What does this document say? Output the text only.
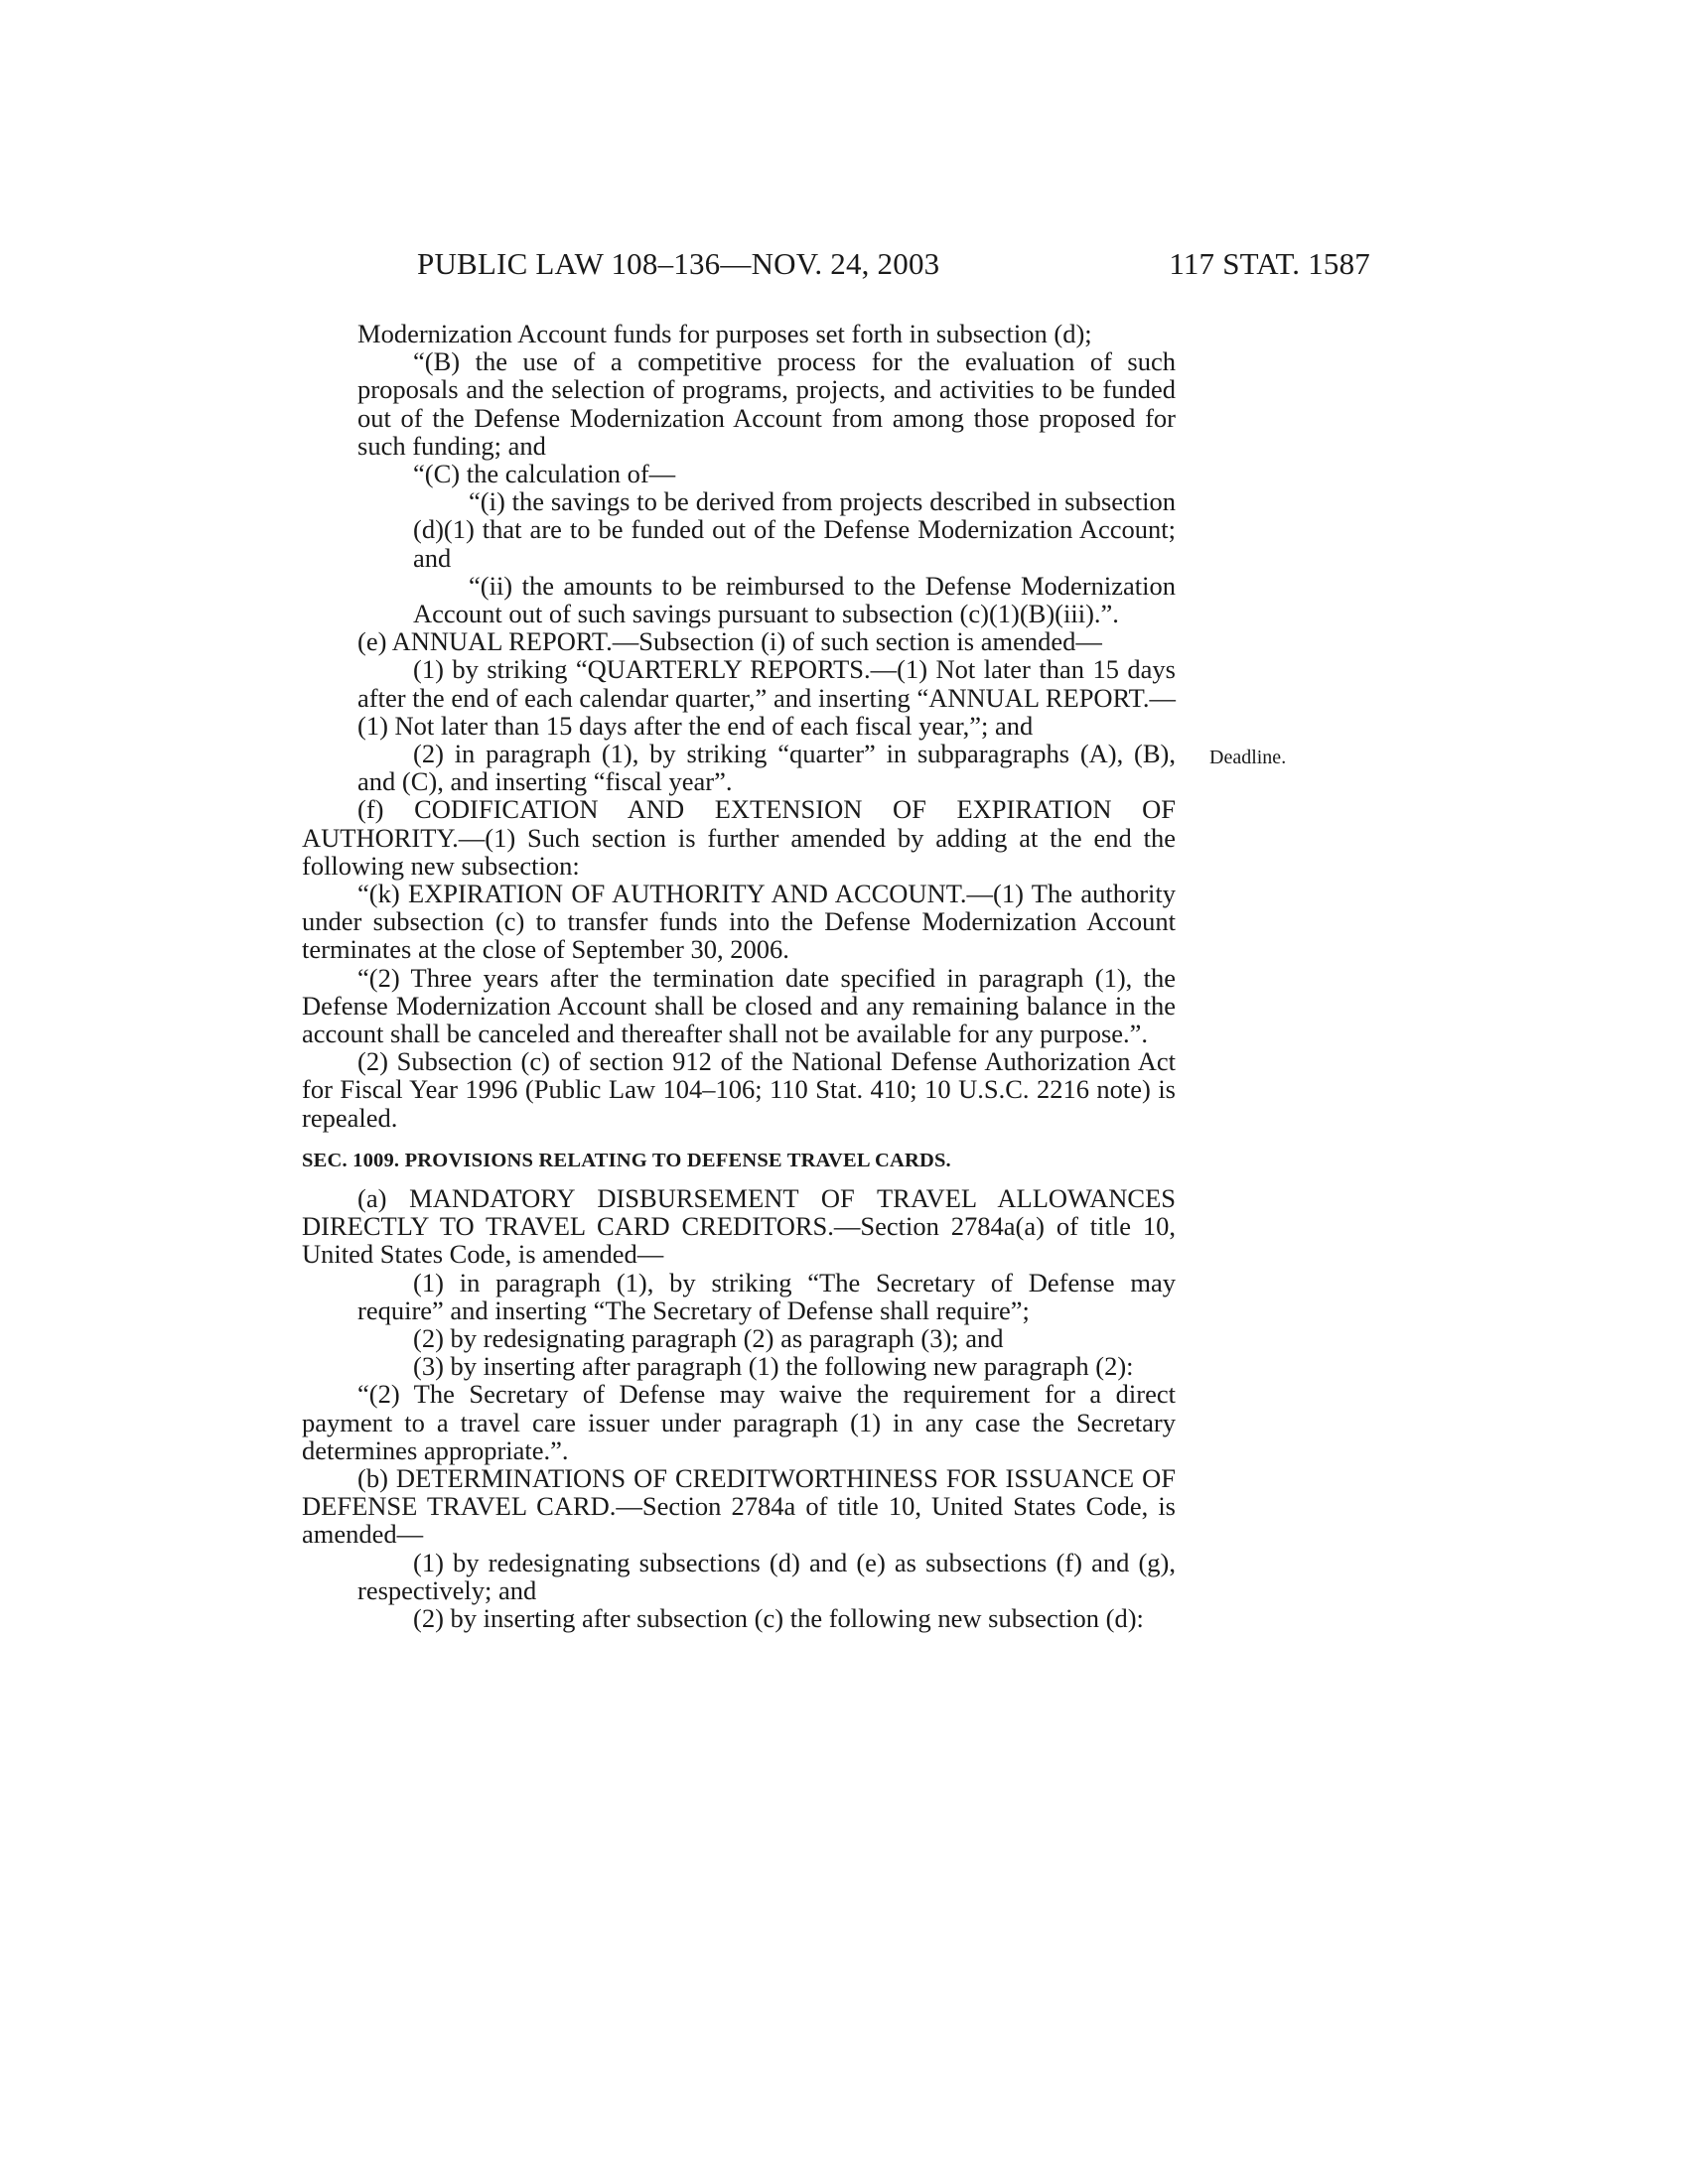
PUBLIC LAW 108–136—NOV. 24, 2003	117 STAT. 1587
Deadline.

Modernization Account funds for purposes set forth in subsection (d);

“(B) the use of a competitive process for the evaluation of such proposals and the selection of programs, projects, and activities to be funded out of the Defense Modernization Account from among those proposed for such funding; and

“(C) the calculation of—

“(i) the savings to be derived from projects described in subsection (d)(1) that are to be funded out of the Defense Modernization Account; and

“(ii) the amounts to be reimbursed to the Defense Modernization Account out of such savings pursuant to subsection (c)(1)(B)(iii).”.

(e) ANNUAL REPORT.—Subsection (i) of such section is amended—

(1) by striking “QUARTERLY REPORTS.—(1) Not later than 15 days after the end of each calendar quarter,” and inserting “ANNUAL REPORT.—(1) Not later than 15 days after the end of each fiscal year,”; and

(2) in paragraph (1), by striking “quarter” in subparagraphs (A), (B), and (C), and inserting “fiscal year”.

(f) CODIFICATION AND EXTENSION OF EXPIRATION OF AUTHORITY.—(1) Such section is further amended by adding at the end the following new subsection:

“(k) EXPIRATION OF AUTHORITY AND ACCOUNT.—(1) The authority under subsection (c) to transfer funds into the Defense Modernization Account terminates at the close of September 30, 2006.

“(2) Three years after the termination date specified in paragraph (1), the Defense Modernization Account shall be closed and any remaining balance in the account shall be canceled and thereafter shall not be available for any purpose.”.

(2) Subsection (c) of section 912 of the National Defense Authorization Act for Fiscal Year 1996 (Public Law 104–106; 110 Stat. 410; 10 U.S.C. 2216 note) is repealed.

SEC. 1009. PROVISIONS RELATING TO DEFENSE TRAVEL CARDS.

(a) MANDATORY DISBURSEMENT OF TRAVEL ALLOWANCES DIRECTLY TO TRAVEL CARD CREDITORS.—Section 2784a(a) of title 10, United States Code, is amended—

(1) in paragraph (1), by striking “The Secretary of Defense may require” and inserting “The Secretary of Defense shall require”;

(2) by redesignating paragraph (2) as paragraph (3); and

(3) by inserting after paragraph (1) the following new paragraph (2):

“(2) The Secretary of Defense may waive the requirement for a direct payment to a travel care issuer under paragraph (1) in any case the Secretary determines appropriate.”.

(b) DETERMINATIONS OF CREDITWORTHINESS FOR ISSUANCE OF DEFENSE TRAVEL CARD.—Section 2784a of title 10, United States Code, is amended—

(1) by redesignating subsections (d) and (e) as subsections (f) and (g), respectively; and

(2) by inserting after subsection (c) the following new subsection (d):
